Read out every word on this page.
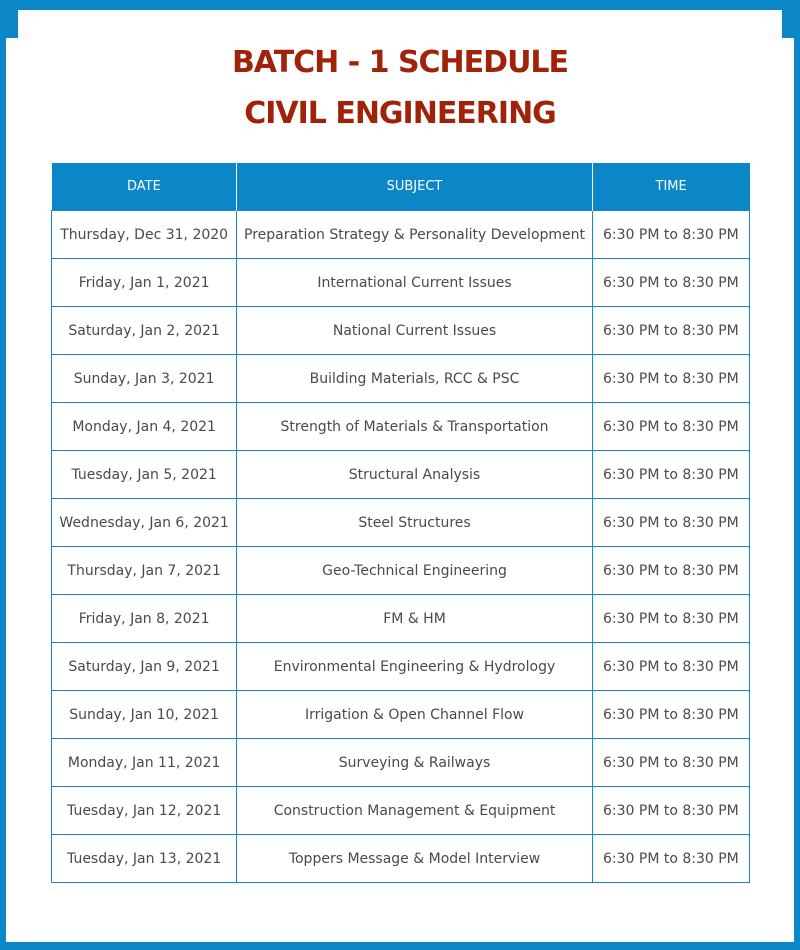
BATCH - 1 SCHEDULE
CIVIL ENGINEERING
DATE	SUBJECT	TIME
Thursday, Dec 31, 2020	Preparation Strategy & Personality Development	6:30 PM to 8:30 PM
Friday, Jan 1, 2021	International Current Issues	6:30 PM to 8:30 PM
Saturday, Jan 2, 2021	National Current Issues	6:30 PM to 8:30 PM
Sunday, Jan 3, 2021	Building Materials, RCC & PSC	6:30 PM to 8:30 PM
Monday, Jan 4, 2021	Strength of Materials & Transportation	6:30 PM to 8:30 PM
Tuesday, Jan 5, 2021	Structural Analysis	6:30 PM to 8:30 PM
Wednesday, Jan 6, 2021	Steel Structures	6:30 PM to 8:30 PM
Thursday, Jan 7, 2021	Geo-Technical Engineering	6:30 PM to 8:30 PM
Friday, Jan 8, 2021	FM & HM	6:30 PM to 8:30 PM
Saturday, Jan 9, 2021	Environmental Engineering & Hydrology	6:30 PM to 8:30 PM
Sunday, Jan 10, 2021	Irrigation & Open Channel Flow	6:30 PM to 8:30 PM
Monday, Jan 11, 2021	Surveying & Railways	6:30 PM to 8:30 PM
Tuesday, Jan 12, 2021	Construction Management & Equipment	6:30 PM to 8:30 PM
Tuesday, Jan 13, 2021	Toppers Message & Model Interview	6:30 PM to 8:30 PM
